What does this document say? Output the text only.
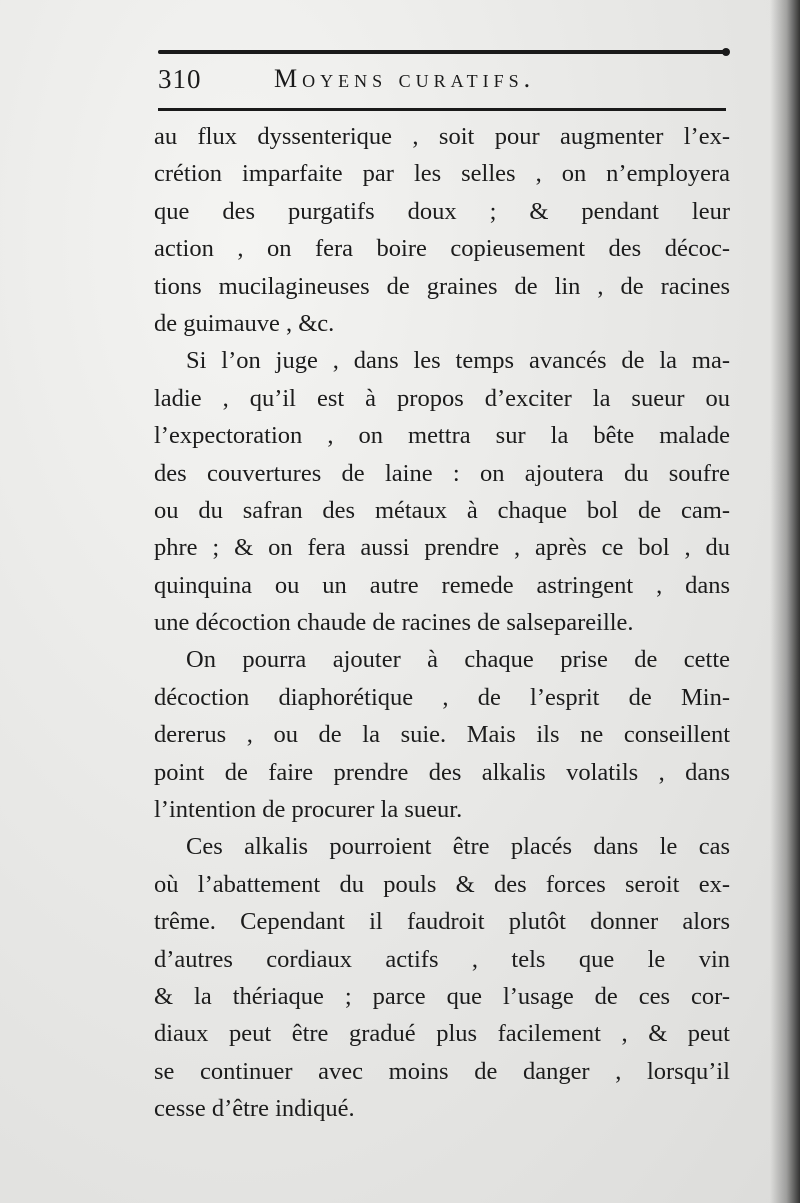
310	Moyens curatifs.
au flux dyssenterique , soit pour augmenter l’ex-
crétion imparfaite par les selles , on n’employera
que des purgatifs doux ; & pendant leur
action , on fera boire copieusement des décoc-
tions mucilagineuses de graines de lin , de racines
de guimauve , &c.
Si l’on juge , dans les temps avancés de la ma-
ladie , qu’il est à propos d’exciter la sueur ou
l’expectoration , on mettra sur la bête malade
des couvertures de laine : on ajoutera du soufre
ou du safran des métaux à chaque bol de cam-
phre ; & on fera aussi prendre , après ce bol , du
quinquina ou un autre remede astringent , dans
une décoction chaude de racines de salsepareille.
On pourra ajouter à chaque prise de cette
décoction diaphorétique , de l’esprit de Min-
dererus , ou de la suie. Mais ils ne conseillent
point de faire prendre des alkalis volatils , dans
l’intention de procurer la sueur.
Ces alkalis pourroient être placés dans le cas
où l’abattement du pouls & des forces seroit ex-
trême. Cependant il faudroit plutôt donner alors
d’autres cordiaux actifs , tels que le vin
& la thériaque ; parce que l’usage de ces cor-
diaux peut être gradué plus facilement , & peut
se continuer avec moins de danger , lorsqu’il
cesse d’être indiqué.
